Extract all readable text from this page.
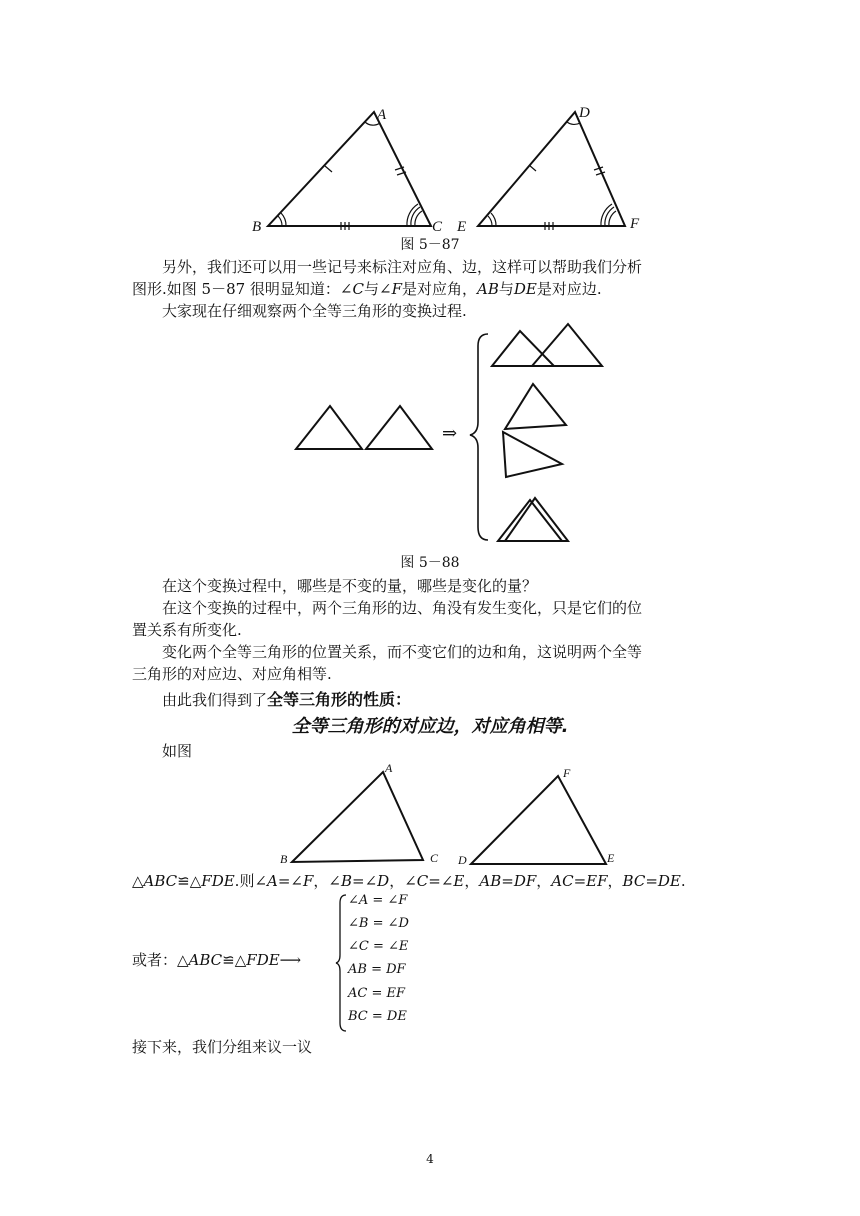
A
B	C
D
E	F
图 5－87
另外，我们还可以用一些记号来标注对应角、边，这样可以帮助我们分析
图形.如图 5－87 很明显知道：∠C与∠F是对应角，AB与DE是对应边.
大家现在仔细观察两个全等三角形的变换过程.
⇒
图 5－88
在这个变换过程中，哪些是不变的量，哪些是变化的量？
在这个变换的过程中，两个三角形的边、角没有发生变化，只是它们的位
置关系有所变化.
变化两个全等三角形的位置关系，而不变它们的边和角，这说明两个全等
三角形的对应边、对应角相等.
由此我们得到了全等三角形的性质：
全等三角形的对应边，对应角相等.
如图
A
B	C
F
D	E
△ABC≌△FDE.则∠A=∠F，∠B=∠D，∠C=∠E，AB=DF，AC=EF，BC=DE.
或者：△ABC≌△FDE⟶
∠A = ∠F
∠B = ∠D
∠C = ∠E
AB = DF
AC = EF
BC = DE
接下来，我们分组来议一议
4
